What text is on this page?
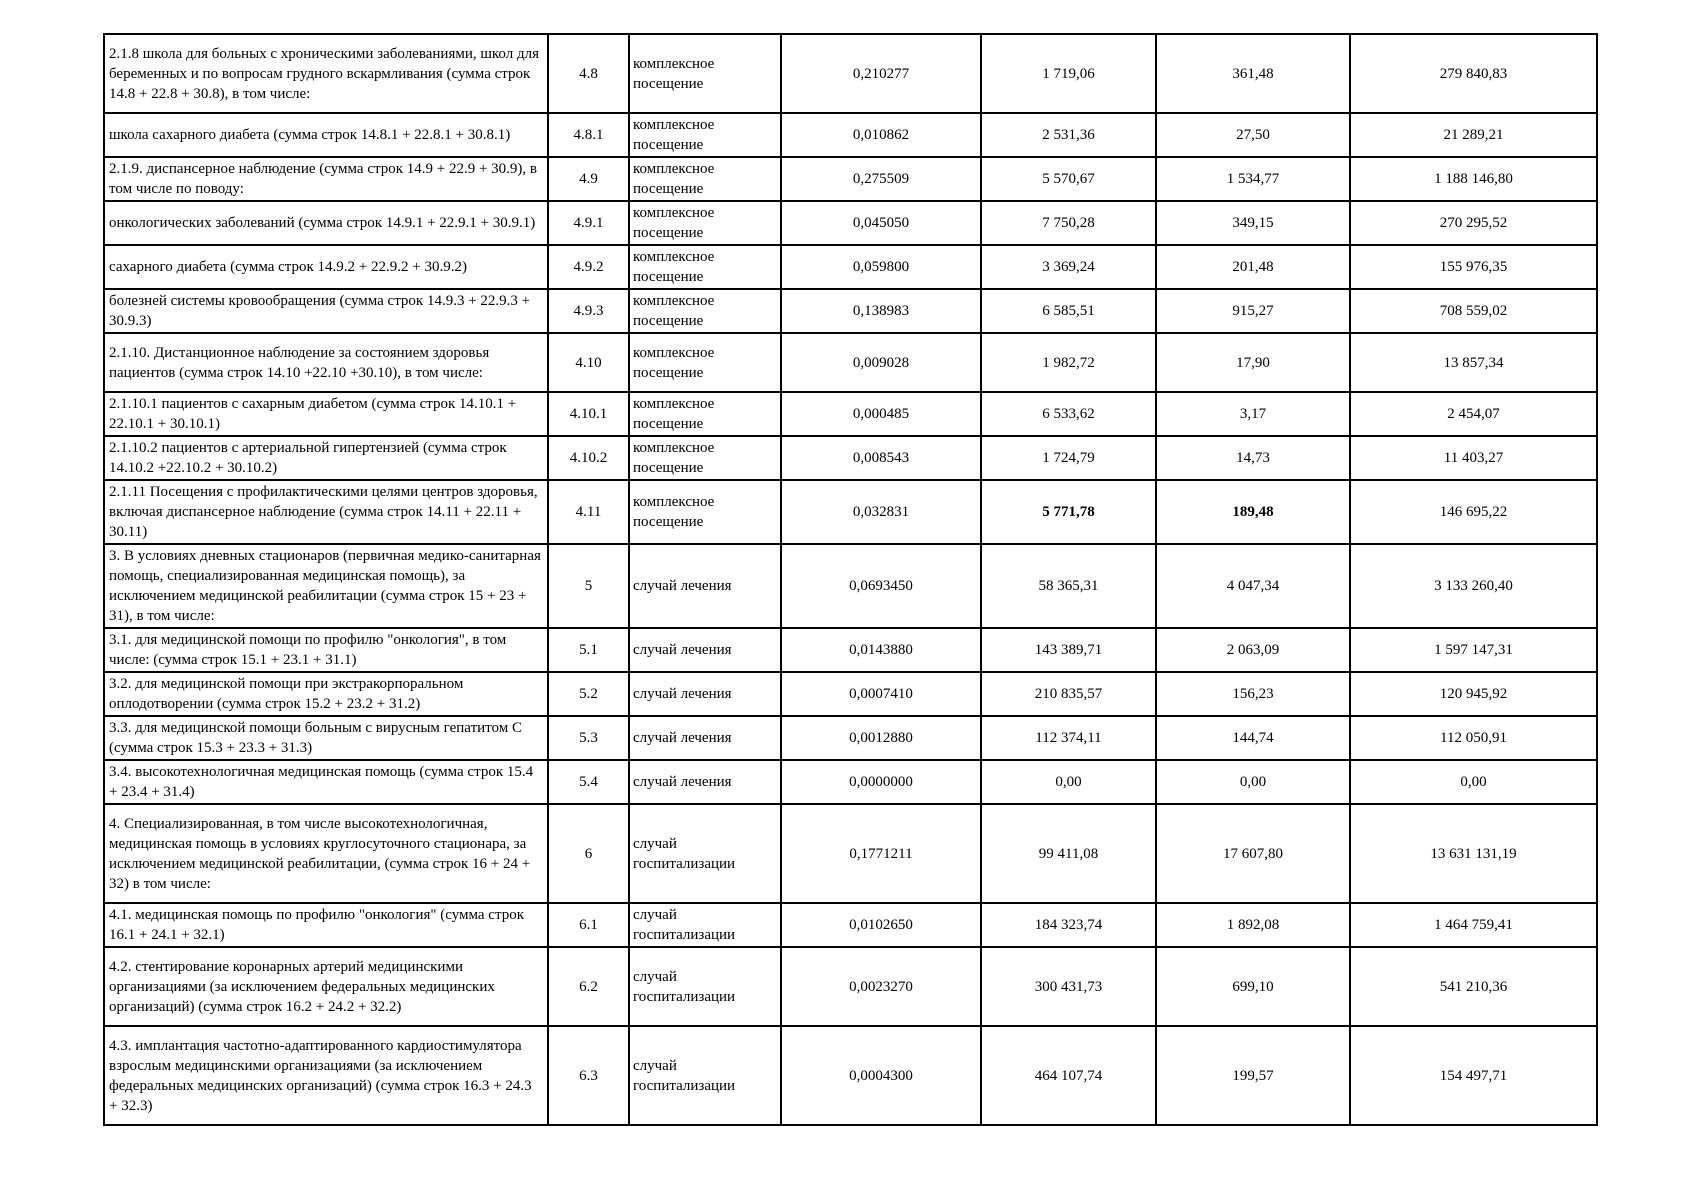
2.1.8 школа для больных с хроническими заболеваниями, школ для беременных и по вопросам грудного вскармливания (сумма строк 14.8 + 22.8 + 30.8), в том числе:	4.8	комплексное посещение	0,210277	1 719,06	361,48	279 840,83
школа сахарного диабета (сумма строк 14.8.1 + 22.8.1 + 30.8.1)	4.8.1	комплексное посещение	0,010862	2 531,36	27,50	21 289,21
2.1.9. диспансерное наблюдение (сумма строк 14.9 + 22.9 + 30.9), в том числе по поводу:	4.9	комплексное посещение	0,275509	5 570,67	1 534,77	1 188 146,80
онкологических заболеваний (сумма строк 14.9.1 + 22.9.1 + 30.9.1)	4.9.1	комплексное посещение	0,045050	7 750,28	349,15	270 295,52
сахарного диабета (сумма строк 14.9.2 + 22.9.2 + 30.9.2)	4.9.2	комплексное посещение	0,059800	3 369,24	201,48	155 976,35
болезней системы кровообращения (сумма строк 14.9.3 + 22.9.3 + 30.9.3)	4.9.3	комплексное посещение	0,138983	6 585,51	915,27	708 559,02
2.1.10. Дистанционное наблюдение за состоянием здоровья пациентов (сумма строк 14.10 +22.10 +30.10), в том числе:	4.10	комплексное посещение	0,009028	1 982,72	17,90	13 857,34
2.1.10.1 пациентов с сахарным диабетом (сумма строк 14.10.1 + 22.10.1 + 30.10.1)	4.10.1	комплексное посещение	0,000485	6 533,62	3,17	2 454,07
2.1.10.2 пациентов с артериальной гипертензией (сумма строк 14.10.2 +22.10.2 + 30.10.2)	4.10.2	комплексное посещение	0,008543	1 724,79	14,73	11 403,27
2.1.11 Посещения с профилактическими целями центров здоровья, включая диспансерное наблюдение (сумма строк 14.11 + 22.11 + 30.11)	4.11	комплексное посещение	0,032831	5 771,78	189,48	146 695,22
3. В условиях дневных стационаров (первичная медико-санитарная помощь, специализированная медицинская помощь), за исключением медицинской реабилитации (сумма строк 15 + 23 + 31), в том числе:	5	случай лечения	0,0693450	58 365,31	4 047,34	3 133 260,40
3.1. для медицинской помощи по профилю "онкология", в том числе: (сумма строк 15.1 + 23.1 + 31.1)	5.1	случай лечения	0,0143880	143 389,71	2 063,09	1 597 147,31
3.2. для медицинской помощи при экстракорпоральном оплодотворении (сумма строк 15.2 + 23.2 + 31.2)	5.2	случай лечения	0,0007410	210 835,57	156,23	120 945,92
3.3. для медицинской помощи больным с вирусным гепатитом С (сумма строк 15.3 + 23.3 + 31.3)	5.3	случай лечения	0,0012880	112 374,11	144,74	112 050,91
3.4. высокотехнологичная медицинская помощь (сумма строк 15.4 + 23.4 + 31.4)	5.4	случай лечения	0,0000000	0,00	0,00	0,00
4. Специализированная, в том числе высокотехнологичная, медицинская помощь в условиях круглосуточного стационара, за исключением медицинской реабилитации, (сумма строк 16 + 24 + 32) в том числе:	6	случай госпитализации	0,1771211	99 411,08	17 607,80	13 631 131,19
4.1. медицинская помощь по профилю "онкология" (сумма строк 16.1 + 24.1 + 32.1)	6.1	случай госпитализации	0,0102650	184 323,74	1 892,08	1 464 759,41
4.2. стентирование коронарных артерий медицинскими организациями (за исключением федеральных медицинских организаций) (сумма строк 16.2 + 24.2 + 32.2)	6.2	случай госпитализации	0,0023270	300 431,73	699,10	541 210,36
4.3. имплантация частотно-адаптированного кардиостимулятора взрослым медицинскими организациями (за исключением федеральных медицинских организаций) (сумма строк 16.3 + 24.3 + 32.3)	6.3	случай госпитализации	0,0004300	464 107,74	199,57	154 497,71
